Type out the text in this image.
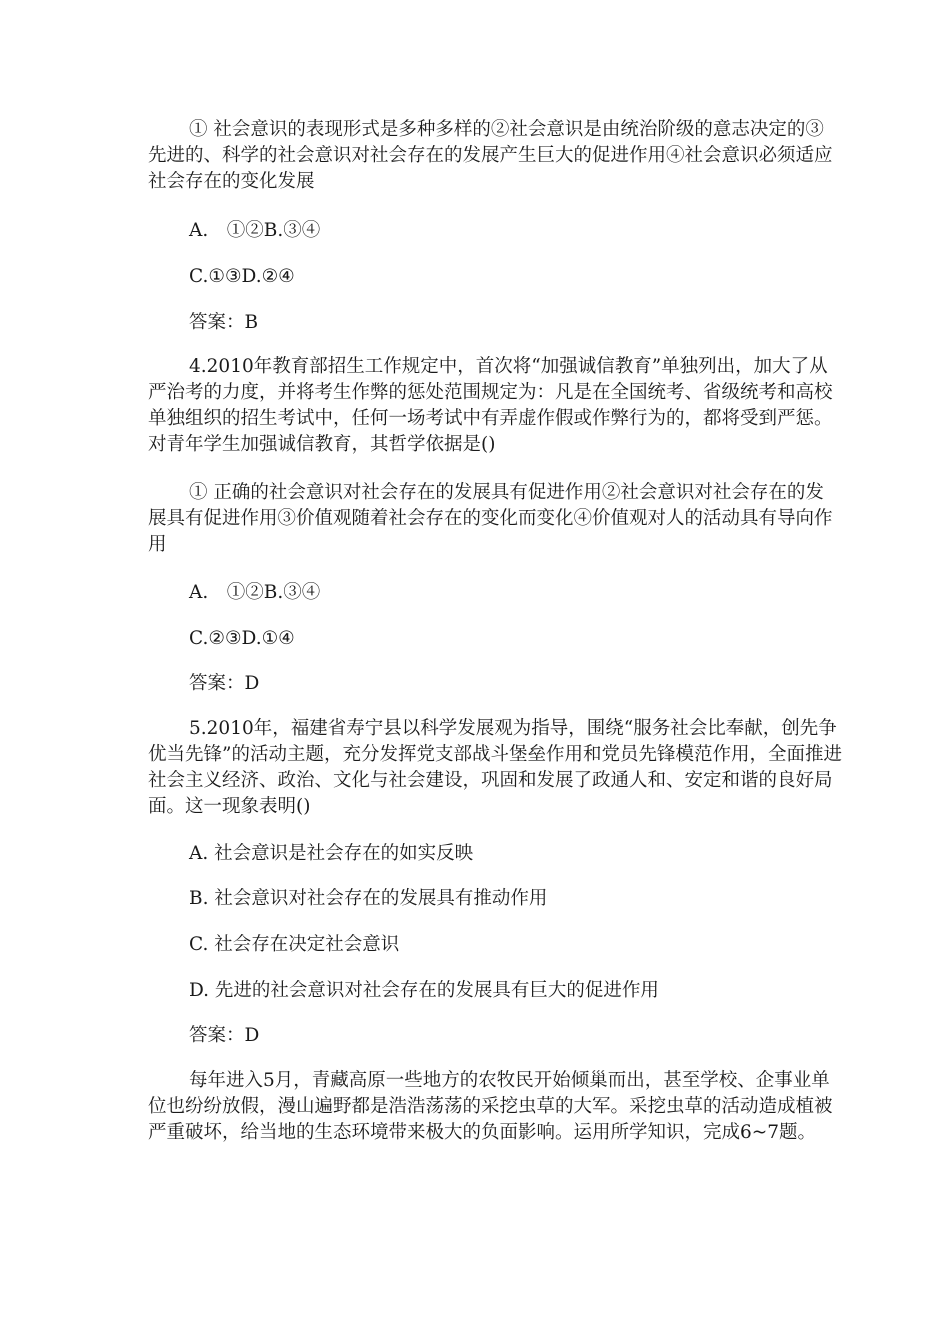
① 社会意识的表现形式是多种多样的②社会意识是由统治阶级的意志决定的③先进的、科学的社会意识对社会存在的发展产生巨大的促进作用④社会意识必须适应社会存在的变化发展

A.　①②B.③④

C.①③D.②④

答案：B

4.2010年教育部招生工作规定中，首次将“加强诚信教育”单独列出，加大了从严治考的力度，并将考生作弊的惩处范围规定为：凡是在全国统考、省级统考和高校单独组织的招生考试中，任何一场考试中有弄虚作假或作弊行为的，都将受到严惩。对青年学生加强诚信教育，其哲学依据是()

① 正确的社会意识对社会存在的发展具有促进作用②社会意识对社会存在的发展具有促进作用③价值观随着社会存在的变化而变化④价值观对人的活动具有导向作用

A.　①②B.③④

C.②③D.①④

答案：D

5.2010年，福建省寿宁县以科学发展观为指导，围绕“服务社会比奉献，创先争优当先锋”的活动主题，充分发挥党支部战斗堡垒作用和党员先锋模范作用，全面推进社会主义经济、政治、文化与社会建设，巩固和发展了政通人和、安定和谐的良好局面。这一现象表明()

A. 社会意识是社会存在的如实反映

B. 社会意识对社会存在的发展具有推动作用

C. 社会存在决定社会意识

D. 先进的社会意识对社会存在的发展具有巨大的促进作用

答案：D

每年进入5月，青藏高原一些地方的农牧民开始倾巢而出，甚至学校、企事业单位也纷纷放假，漫山遍野都是浩浩荡荡的采挖虫草的大军。采挖虫草的活动造成植被严重破坏，给当地的生态环境带来极大的负面影响。运用所学知识，完成6~7题。
